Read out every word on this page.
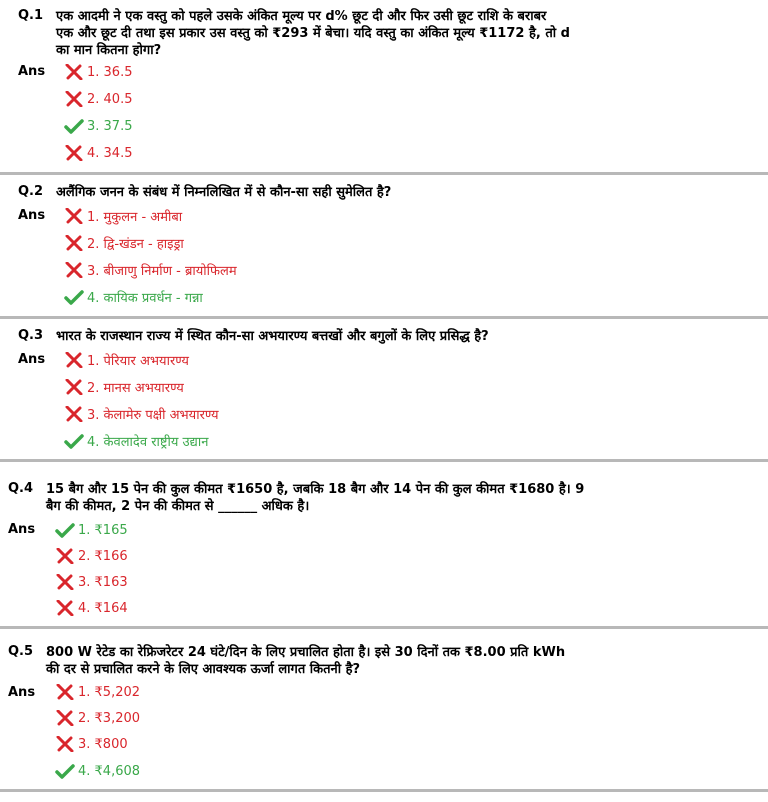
Q.1 एक आदमी ने एक वस्तु को पहले उसके अंकित मूल्य पर d% छूट दी और फिर उसी छूट राशि के बराबर
एक और छूट दी तथा इस प्रकार उस वस्तु को ₹293 में बेचा। यदि वस्तु का अंकित मूल्य ₹1172 है, तो d
का मान कितना होगा?
Ans	1. 36.5
2. 40.5
3. 37.5
4. 34.5
Q.2 अलैंगिक जनन के संबंध में निम्नलिखित में से कौन-सा सही सुमेलित है?
Ans	1. मुकुलन - अमीबा
2. द्वि-खंडन - हाइड्रा
3. बीजाणु निर्माण - ब्रायोफिलम
4. कायिक प्रवर्धन - गन्ना
Q.3 भारत के राजस्थान राज्य में स्थित कौन-सा अभयारण्य बत्तखों और बगुलों के लिए प्रसिद्ध है?
Ans	1. पेरियार अभयारण्य
2. मानस अभयारण्य
3. केलामेरु पक्षी अभयारण्य
4. केवलादेव राष्ट्रीय उद्यान
Q.4 15 बैग और 15 पेन की कुल कीमत ₹1650 है, जबकि 18 बैग और 14 पेन की कुल कीमत ₹1680 है। 9
बैग की कीमत, 2 पेन की कीमत से ______ अधिक है।
Ans	1. ₹165
2. ₹166
3. ₹163
4. ₹164
Q.5 800 W रेटेड का रेफ्रिजरेटर 24 घंटे/दिन के लिए प्रचालित होता है। इसे 30 दिनों तक ₹8.00 प्रति kWh
की दर से प्रचालित करने के लिए आवश्यक ऊर्जा लागत कितनी है?
Ans	1. ₹5,202
2. ₹3,200
3. ₹800
4. ₹4,608
